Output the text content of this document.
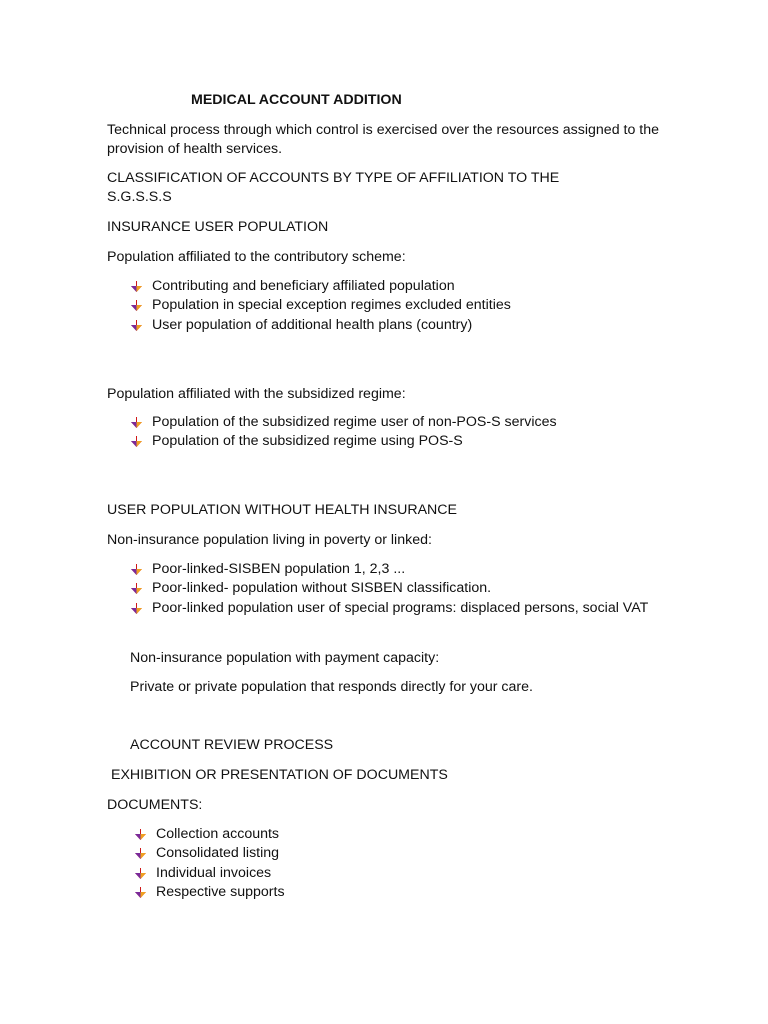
MEDICAL ACCOUNT ADDITION

Technical process through which control is exercised over the resources assigned to the provision of health services.

CLASSIFICATION OF ACCOUNTS BY TYPE OF AFFILIATION TO THE S.G.S.S.S

INSURANCE USER POPULATION

Population affiliated to the contributory scheme:

Contributing and beneficiary affiliated population
Population in special exception regimes excluded entities
User population of additional health plans (country)

Population affiliated with the subsidized regime:

Population of the subsidized regime user of non-POS-S services
Population of the subsidized regime using POS-S

USER POPULATION WITHOUT HEALTH INSURANCE

Non-insurance population living in poverty or linked:

Poor-linked-SISBEN population 1, 2,3 ...
Poor-linked- population without SISBEN classification.
Poor-linked population user of special programs: displaced persons, social VAT

Non-insurance population with payment capacity:

Private or private population that responds directly for your care.

ACCOUNT REVIEW PROCESS

EXHIBITION OR PRESENTATION OF DOCUMENTS

DOCUMENTS:

Collection accounts
Consolidated listing
Individual invoices
Respective supports
